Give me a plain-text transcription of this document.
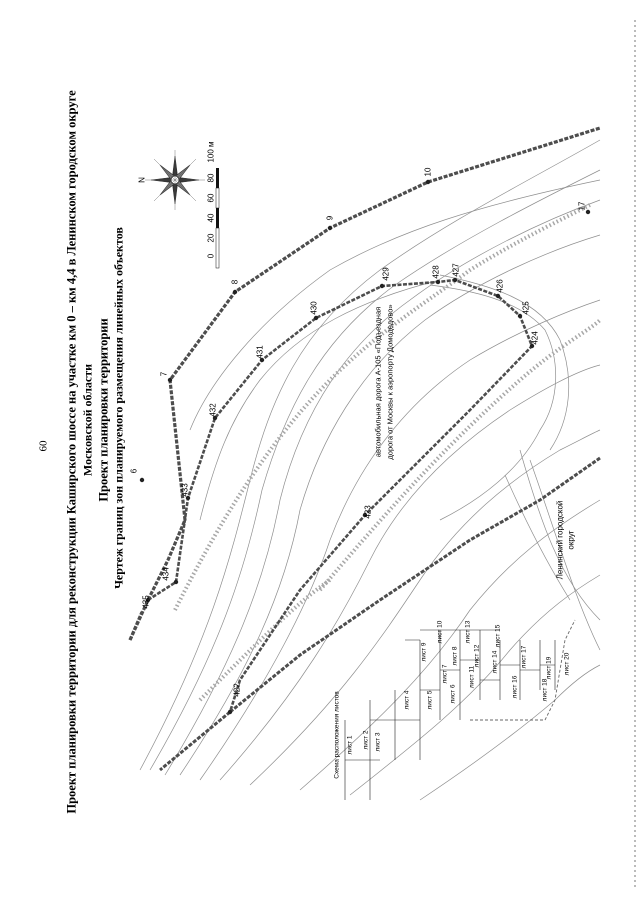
60 Проект планировки территории для реконструкции Каширского шоссе на участке км 0 – км 4,4 в Ленинском городском округе Московской области Проект планировки территории Чертеж границ зон планируемого размещения линейных объектов	0
20
40
60
80
100 м
N
автомобильная дорога А-105 «Подъездная дорога от Москвы к аэропорту Домодедово»
Ленинский городской округ
435
6
7
8
9
10
434
433
432
431
430
429	428 427
426
425
424
422
423
17
Схема расположения листов лист 1 лист 2 лист 3
лист 4 лист 5 лист 6
лист 7
лист 8
лист 9
лист 10
лист 11
лист 12
лист 13
лист 14
лист 15
лист 16
лист 17
лист 18
лист 19 лист 20
